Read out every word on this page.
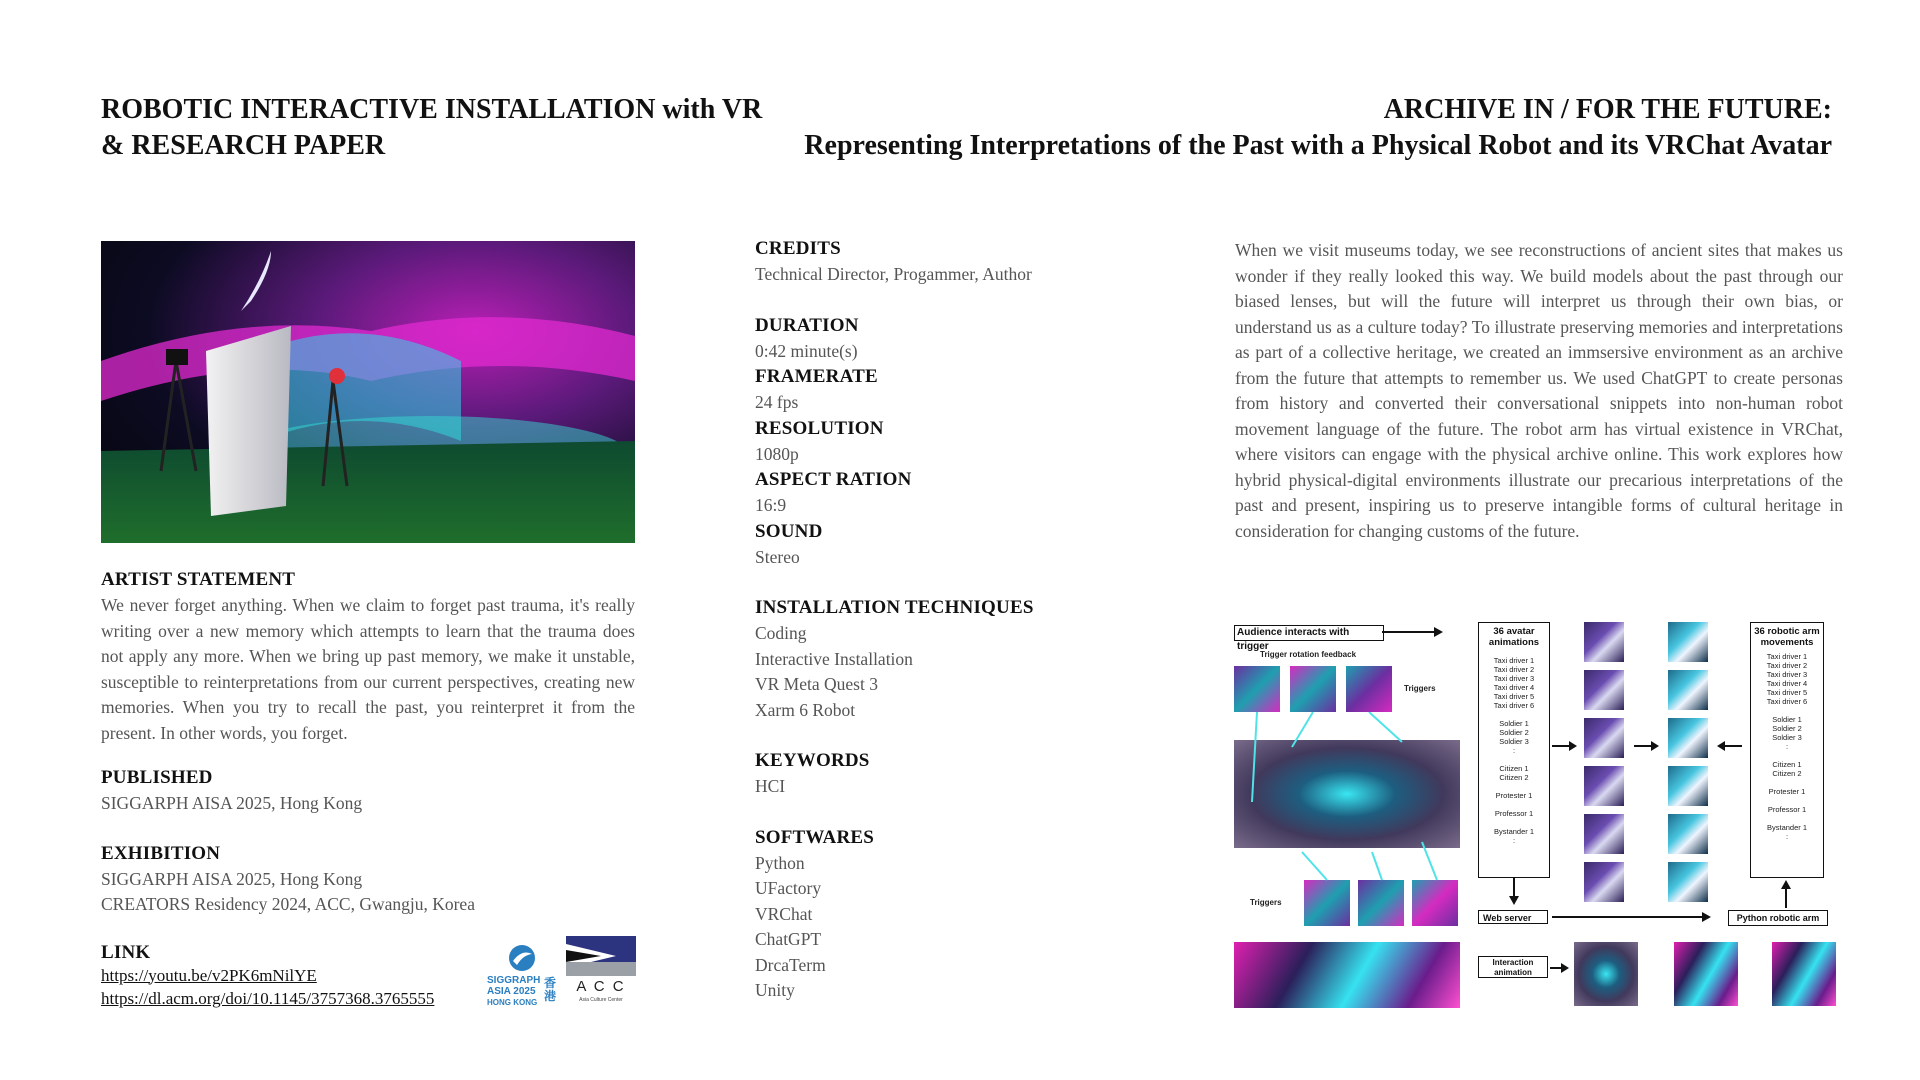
ROBOTIC INTERACTIVE INSTALLATION with VR
& RESEARCH PAPER
ARCHIVE IN / FOR THE FUTURE:
Representing Interpretations of the Past with a Physical Robot and its VRChat Avatar
ARTIST STATEMENT
We never forget anything. When we claim to forget past trauma, it's really writing over a new memory which attempts to learn that the trauma does not apply any more. When we bring up past memory, we make it unstable, susceptible to reinterpretations from our current perspectives, creating new memories. When you try to recall the past, you reinterpret it from the present. In other words, you forget.
PUBLISHED
SIGGARPH AISA 2025, Hong Kong
EXHIBITION
SIGGARPH AISA 2025, Hong Kong
CREATORS Residency 2024, ACC, Gwangju, Korea
LINK
https://youtu.be/v2PK6mNilYE
https://dl.acm.org/doi/10.1145/3757368.3765555
SIGGRAPH
ASIA 2025
HONG KONG
香港
A C C
Asia Culture Center
CREDITS
Technical Director, Progammer, Author
DURATION
0:42 minute(s)
FRAMERATE
24 fps
RESOLUTION
1080p
ASPECT RATION
16:9
SOUND
Stereo
INSTALLATION TECHNIQUES
Coding
Interactive Installation
VR Meta Quest 3
Xarm 6 Robot
KEYWORDS
HCI
SOFTWARES
Python
UFactory
VRChat
ChatGPT
DrcaTerm
Unity
When we visit museums today, we see reconstructions of ancient sites that makes us wonder if they really looked this way. We build models about the past through our biased lenses, but will the future will interpret us through their own bias, or understand us as a culture today? To illustrate preserving memories and interpretations as part of a collective heritage, we created an immsersive environment as an archive from the future that attempts to remember us. We used ChatGPT to create personas from history and converted their conversational snippets into non-human robot movement language of the future. The robot arm has virtual existence in VRChat, where visitors can engage with the physical archive online. This work explores how hybrid physical-digital environments illustrate our precarious interpretations of the past and present, inspiring us to preserve intangible forms of cultural heritage in consideration for changing customs of the future.
Audience interacts with trigger
Trigger rotation feedback
Triggers
Triggers
36 avatar animations
Taxi driver 1
Taxi driver 2
Taxi driver 3
Taxi driver 4
Taxi driver 5
Taxi driver 6

Soldier 1
Soldier 2
Soldier 3
:

Citizen 1
Citizen 2

Protester 1

Professor 1

Bystander 1
:
Web server
Interaction animation
36 robotic arm movements
Taxi driver 1
Taxi driver 2
Taxi driver 3
Taxi driver 4
Taxi driver 5
Taxi driver 6

Soldier 1
Soldier 2
Soldier 3
:

Citizen 1
Citizen 2

Protester 1

Professor 1

Bystander 1
:
Python robotic arm
